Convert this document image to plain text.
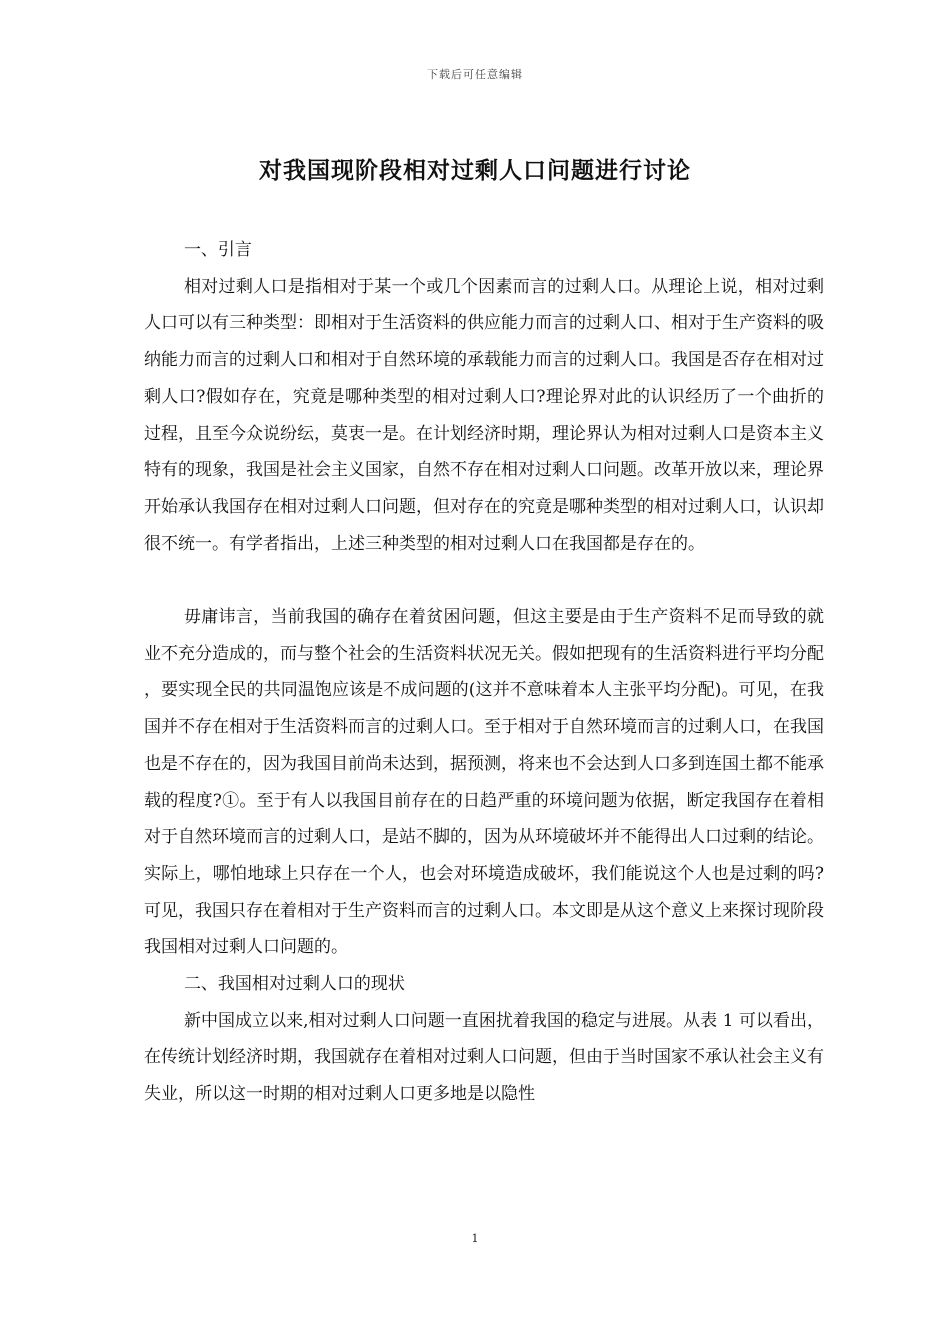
下载后可任意编辑
对我国现阶段相对过剩人口问题进行讨论

一、引言

相对过剩人口是指相对于某一个或几个因素而言的过剩人口。从理论上说，相对过剩人口可以有三种类型：即相对于生活资料的供应能力而言的过剩人口、相对于生产资料的吸纳能力而言的过剩人口和相对于自然环境的承载能力而言的过剩人口。我国是否存在相对过剩人口?假如存在，究竟是哪种类型的相对过剩人口?理论界对此的认识经历了一个曲折的过程，且至今众说纷纭，莫衷一是。在计划经济时期，理论界认为相对过剩人口是资本主义特有的现象，我国是社会主义国家，自然不存在相对过剩人口问题。改革开放以来，理论界开始承认我国存在相对过剩人口问题，但对存在的究竟是哪种类型的相对过剩人口，认识却很不统一。有学者指出，上述三种类型的相对过剩人口在我国都是存在的。

毋庸讳言，当前我国的确存在着贫困问题，但这主要是由于生产资料不足而导致的就业不充分造成的，而与整个社会的生活资料状况无关。假如把现有的生活资料进行平均分配，要实现全民的共同温饱应该是不成问题的(这并不意味着本人主张平均分配)。可见，在我国并不存在相对于生活资料而言的过剩人口。至于相对于自然环境而言的过剩人口，在我国也是不存在的，因为我国目前尚未达到，据预测，将来也不会达到人口多到连国土都不能承载的程度?①。至于有人以我国目前存在的日趋严重的环境问题为依据，断定我国存在着相对于自然环境而言的过剩人口，是站不脚的，因为从环境破坏并不能得出人口过剩的结论。实际上，哪怕地球上只存在一个人，也会对环境造成破坏，我们能说这个人也是过剩的吗?可见，我国只存在着相对于生产资料而言的过剩人口。本文即是从这个意义上来探讨现阶段我国相对过剩人口问题的。

二、我国相对过剩人口的现状

新中国成立以来,相对过剩人口问题一直困扰着我国的稳定与进展。从表 1 可以看出，在传统计划经济时期，我国就存在着相对过剩人口问题，但由于当时国家不承认社会主义有失业，所以这一时期的相对过剩人口更多地是以隐性

1
